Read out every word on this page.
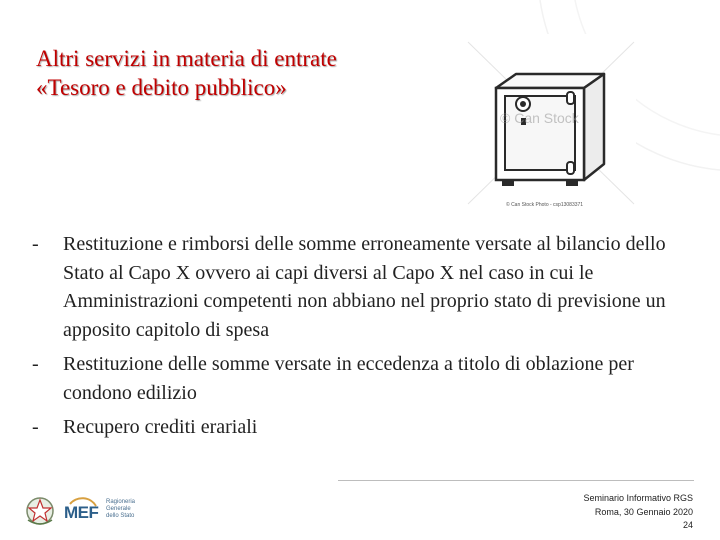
Altri servizi in materia di entrate
«Tesoro e debito pubblico»
© Can Stock
© Can Stock Photo - csp13083371
- Restituzione e rimborsi delle somme erroneamente versate al bilancio dello Stato al Capo X ovvero ai capi diversi al Capo X nel caso in cui le Amministrazioni competenti non abbiano nel proprio stato di previsione un apposito capitolo di spesa
- Restituzione delle somme versate in eccedenza a titolo di oblazione per condono edilizio
- Recupero crediti erariali
MEF
Ragioneria
Generale
dello Stato
Seminario Informativo RGS
Roma, 30 Gennaio 2020
24
